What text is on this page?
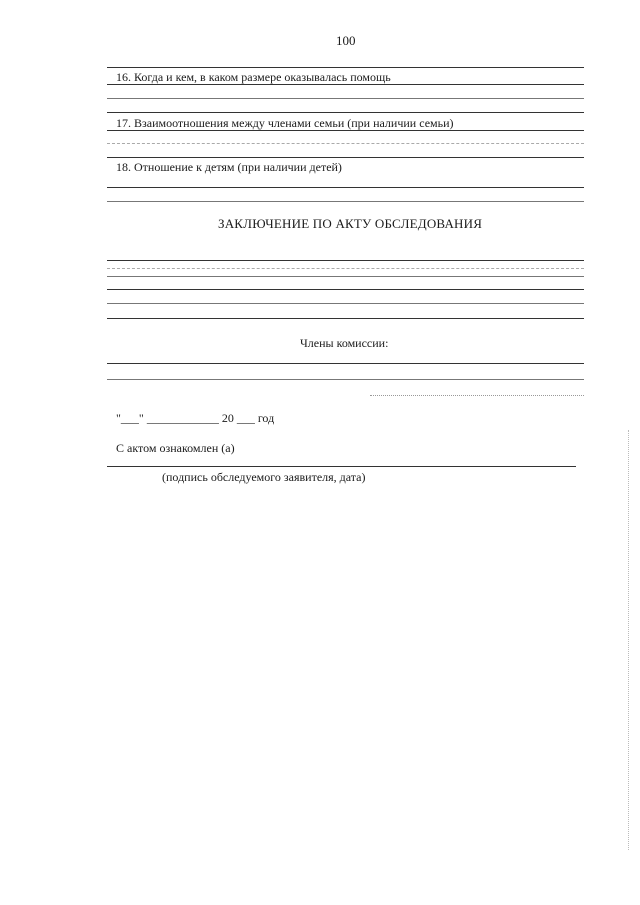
100
16. Когда и кем, в каком размере оказывалась помощь
17. Взаимоотношения между членами семьи (при наличии семьи)
18. Отношение к детям (при наличии детей)
ЗАКЛЮЧЕНИЕ ПО АКТУ ОБСЛЕДОВАНИЯ
Члены комиссии:
"___" ____________ 20 ___ год
С актом ознакомлен (а)
(подпись обследуемого заявителя, дата)
